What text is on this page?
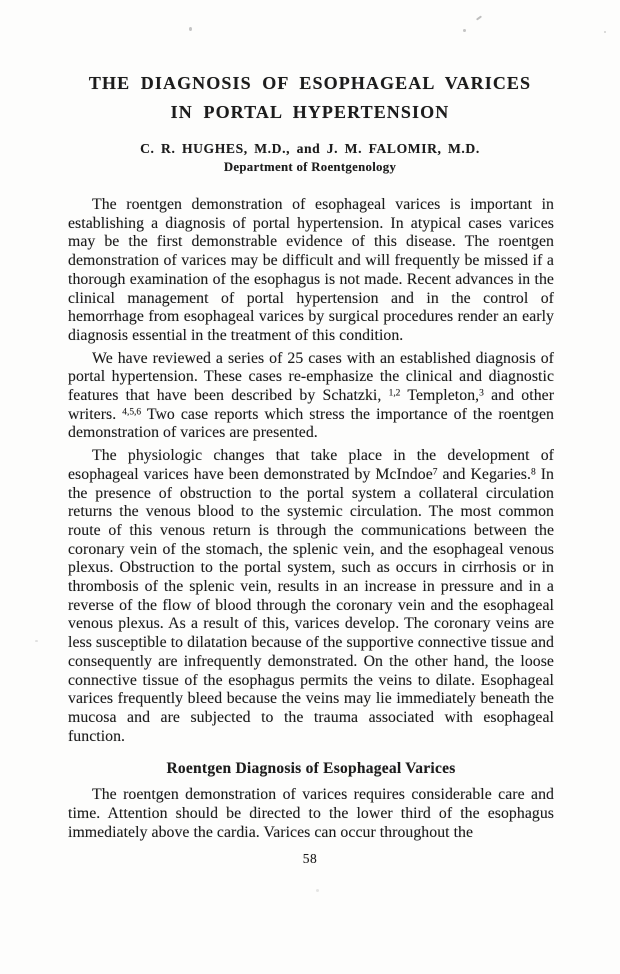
THE DIAGNOSIS OF ESOPHAGEAL VARICES
IN PORTAL HYPERTENSION
C. R. HUGHES, M.D., and J. M. FALOMIR, M.D.
Department of Roentgenology

The roentgen demonstration of esophageal varices is important in establishing a diagnosis of portal hypertension. In atypical cases varices may be the first demonstrable evidence of this disease. The roentgen demonstration of varices may be difficult and will frequently be missed if a thorough examination of the esophagus is not made. Recent advances in the clinical management of portal hypertension and in the control of hemorrhage from esophageal varices by surgical procedures render an early diagnosis essential in the treatment of this condition.

We have reviewed a series of 25 cases with an established diagnosis of portal hypertension. These cases re-emphasize the clinical and diagnostic features that have been described by Schatzki, $^{1,2}$ Templeton,$^3$ and other writers. $^{4,5,6}$ Two case reports which stress the importance of the roentgen demonstration of varices are presented.

The physiologic changes that take place in the development of esophageal varices have been demonstrated by McIndoe$^7$ and Kegaries.$^8$ In the presence of obstruction to the portal system a collateral circulation returns the venous blood to the systemic circulation. The most common route of this venous return is through the communications between the coronary vein of the stomach, the splenic vein, and the esophageal venous plexus. Obstruction to the portal system, such as occurs in cirrhosis or in thrombosis of the splenic vein, results in an increase in pressure and in a reverse of the flow of blood through the coronary vein and the esophageal venous plexus. As a result of this, varices develop. The coronary veins are less susceptible to dilatation because of the supportive connective tissue and consequently are infrequently demonstrated. On the other hand, the loose connective tissue of the esophagus permits the veins to dilate. Esophageal varices frequently bleed because the veins may lie immediately beneath the mucosa and are subjected to the trauma associated with esophageal function.

Roentgen Diagnosis of Esophageal Varices

The roentgen demonstration of varices requires considerable care and time. Attention should be directed to the lower third of the esophagus immediately above the cardia. Varices can occur throughout the

58
